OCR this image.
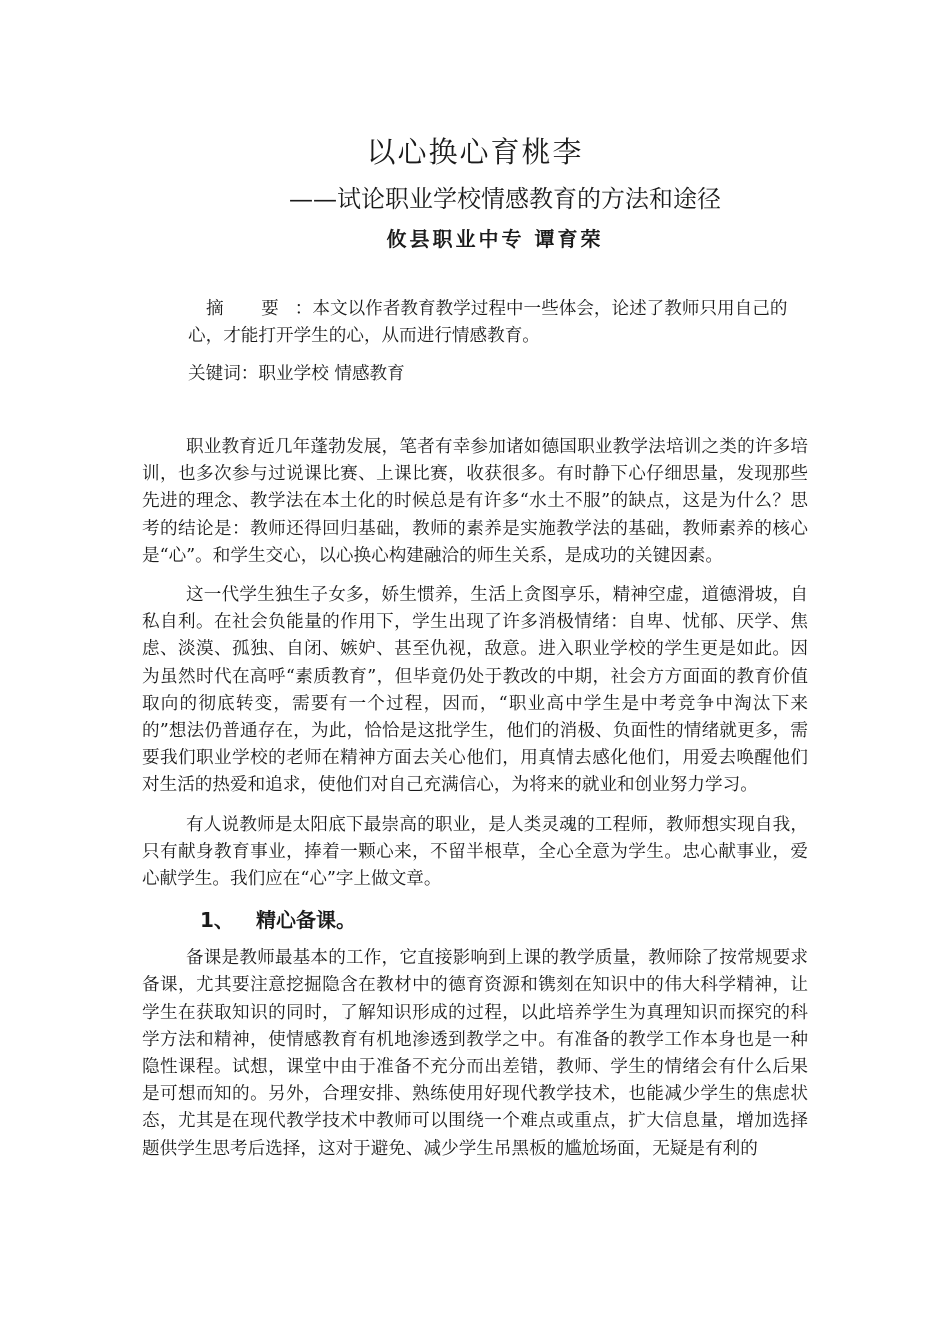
以心换心育桃李
——试论职业学校情感教育的方法和途径
攸县职业中专 谭育荣

摘 要：本文以作者教育教学过程中一些体会，论述了教师只用自己的心，才能打开学生的心，从而进行情感教育。

关键词：职业学校 情感教育

职业教育近几年蓬勃发展，笔者有幸参加诸如德国职业教学法培训之类的许多培训，也多次参与过说课比赛、上课比赛，收获很多。有时静下心仔细思量，发现那些先进的理念、教学法在本土化的时候总是有许多“水土不服”的缺点，这是为什么？思考的结论是：教师还得回归基础，教师的素养是实施教学法的基础，教师素养的核心是“心”。和学生交心，以心换心构建融洽的师生关系，是成功的关键因素。

这一代学生独生子女多，娇生惯养，生活上贪图享乐，精神空虚，道德滑坡，自私自利。在社会负能量的作用下，学生出现了许多消极情绪：自卑、忧郁、厌学、焦虑、淡漠、孤独、自闭、嫉妒、甚至仇视，敌意。进入职业学校的学生更是如此。因为虽然时代在高呼“素质教育”，但毕竟仍处于教改的中期，社会方方面面的教育价值取向的彻底转变，需要有一个过程，因而，“职业高中学生是中考竞争中淘汰下来的”想法仍普通存在，为此，恰恰是这批学生，他们的消极、负面性的情绪就更多，需要我们职业学校的老师在精神方面去关心他们，用真情去感化他们，用爱去唤醒他们对生活的热爱和追求，使他们对自己充满信心，为将来的就业和创业努力学习。

有人说教师是太阳底下最崇高的职业，是人类灵魂的工程师，教师想实现自我，只有献身教育事业，捧着一颗心来，不留半根草，全心全意为学生。忠心献事业，爱心献学生。我们应在“心”字上做文章。

1、 精心备课。

备课是教师最基本的工作，它直接影响到上课的教学质量，教师除了按常规要求备课，尤其要注意挖掘隐含在教材中的德育资源和镌刻在知识中的伟大科学精神，让学生在获取知识的同时，了解知识形成的过程，以此培养学生为真理知识而探究的科学方法和精神，使情感教育有机地渗透到教学之中。有准备的教学工作本身也是一种隐性课程。试想，课堂中由于准备不充分而出差错，教师、学生的情绪会有什么后果是可想而知的。另外，合理安排、熟练使用好现代教学技术，也能减少学生的焦虑状态，尤其是在现代教学技术中教师可以围绕一个难点或重点，扩大信息量，增加选择题供学生思考后选择，这对于避免、减少学生吊黑板的尴尬场面，无疑是有利的
